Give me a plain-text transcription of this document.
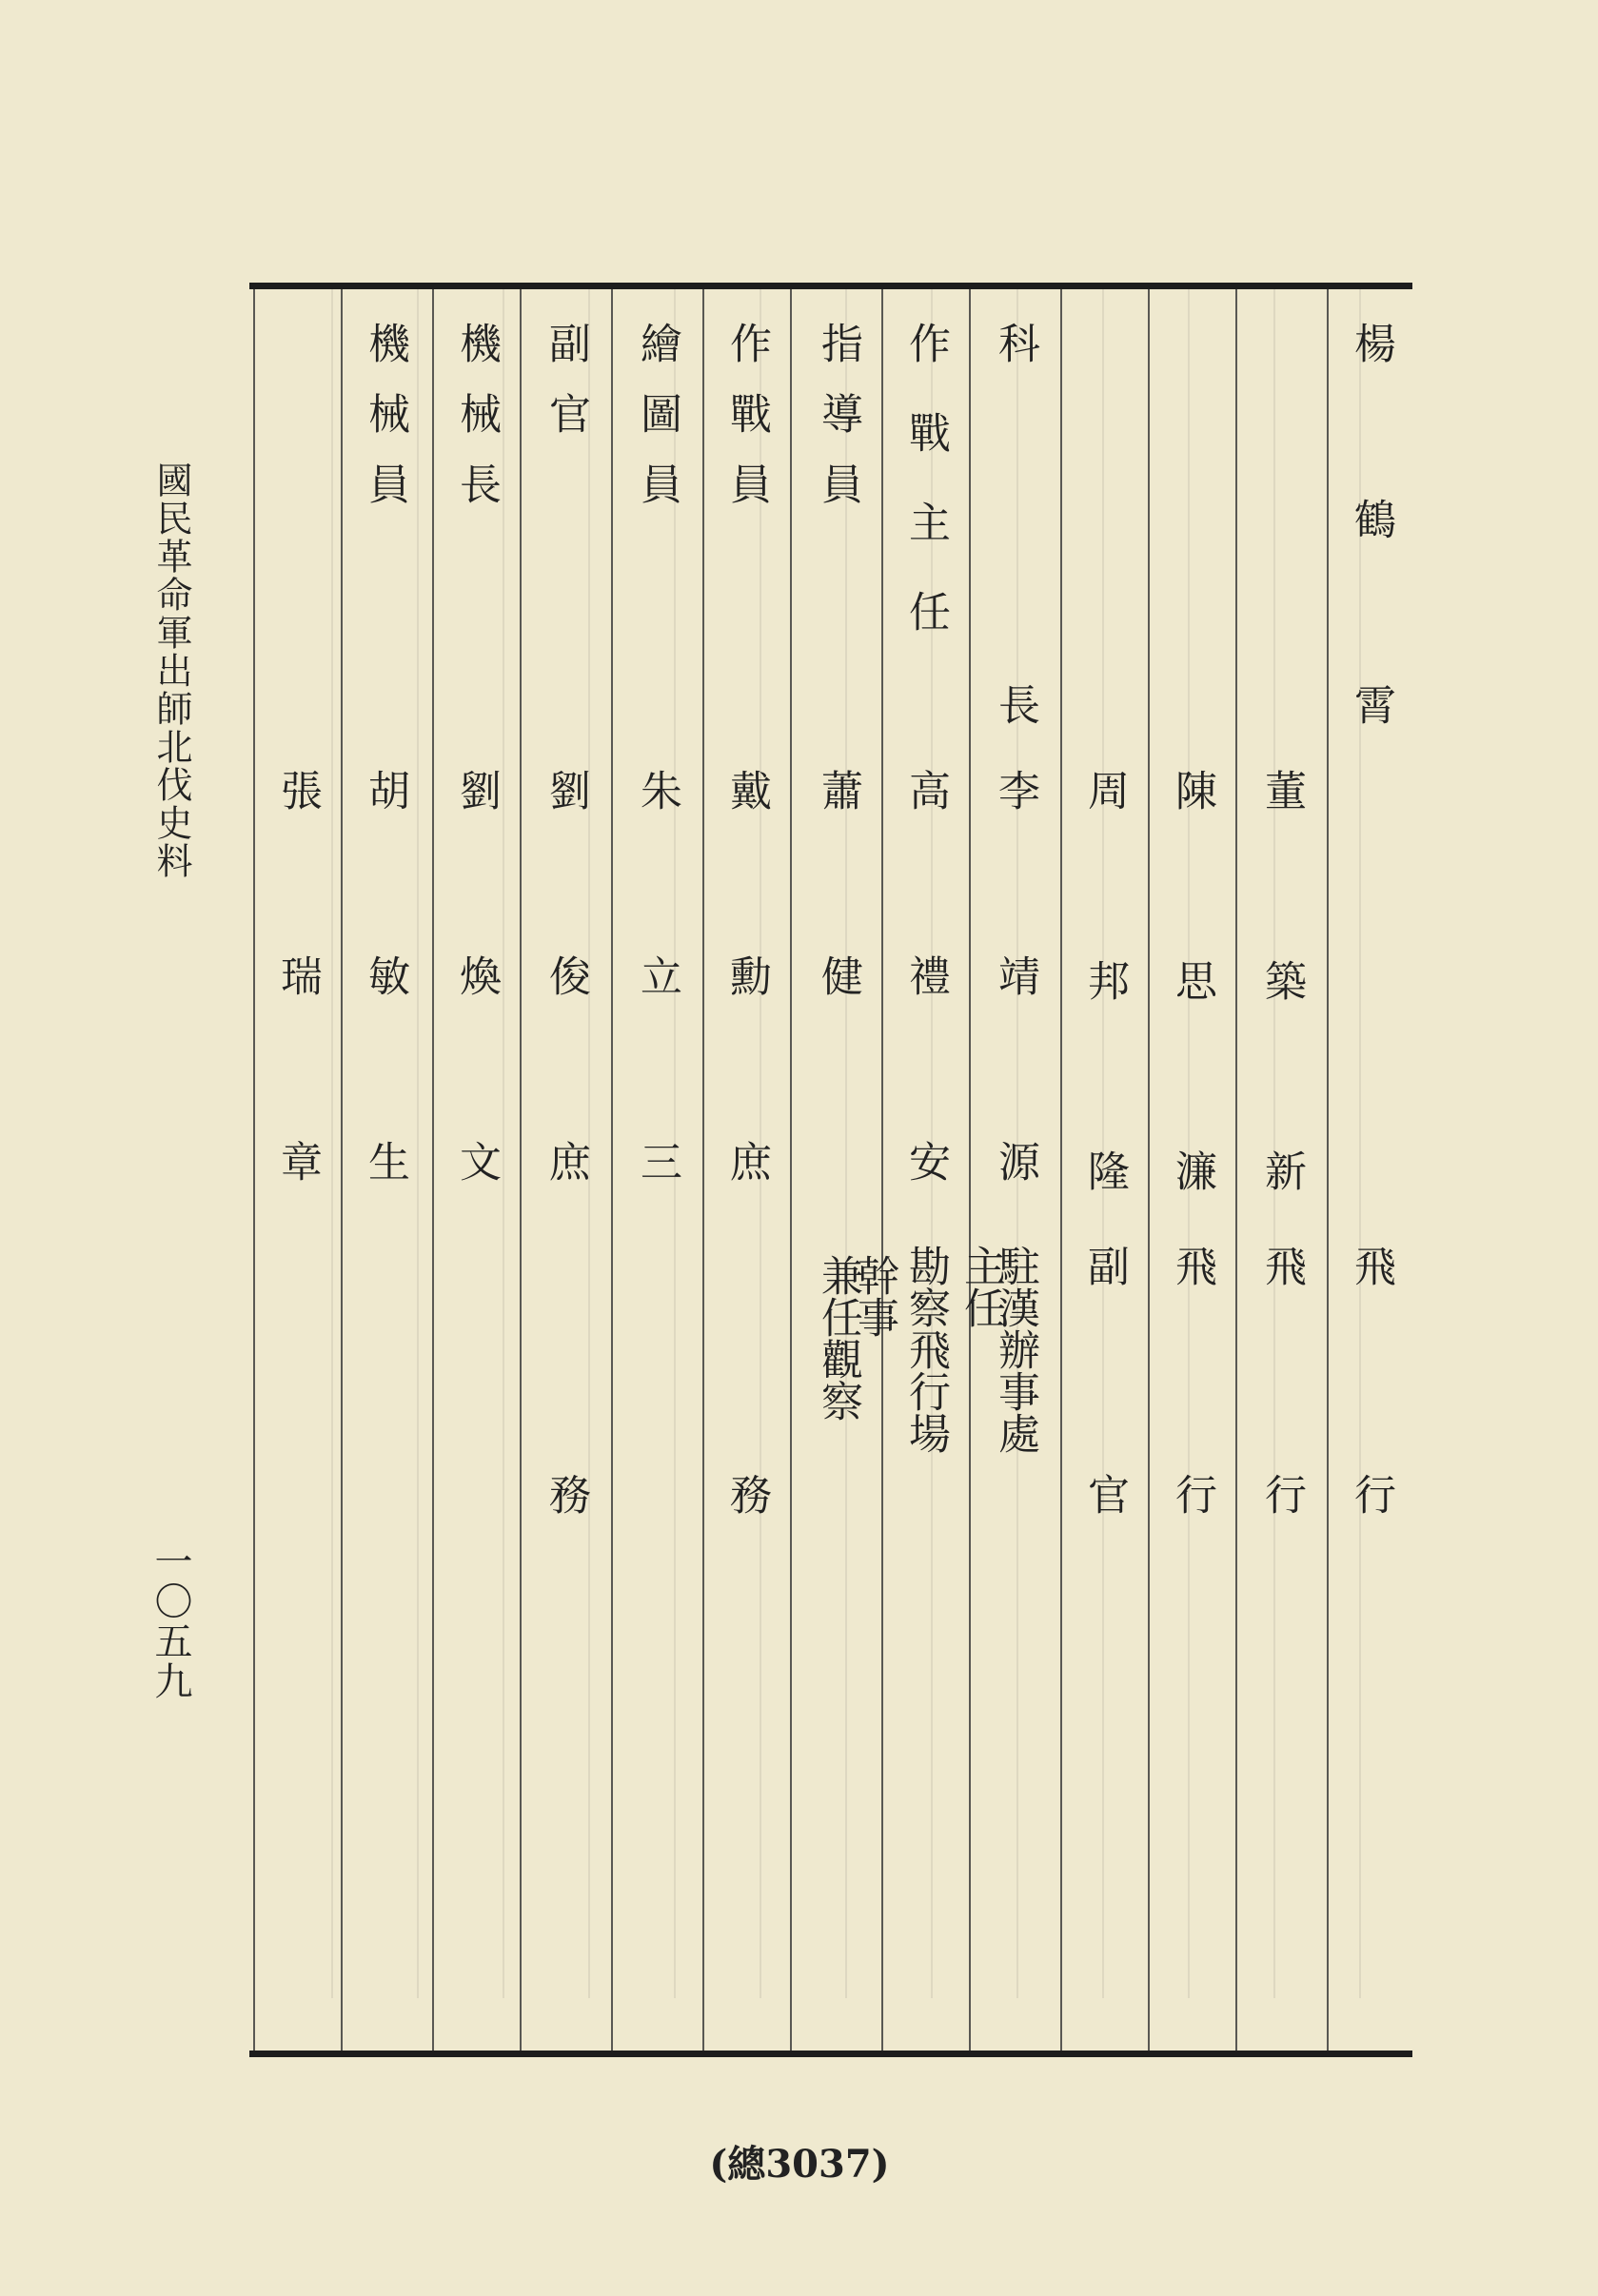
楊
鶴
霄
飛
行
董
築
新
飛
行
陳
思
濂
飛
行
周
邦
隆
副
官
科
長
李 靖 源
駐漢辦事處
主任
作戰主任
高 禮 安
勘察飛行場
幹事
指導員
蕭 健
兼任觀察
作戰員
戴 勳 庶
務
繪圖員
朱 立 三
副官
劉 俊 庶
務
機械長
劉 煥 文
機械員
胡 敏 生
張 瑞 章
國民革命軍出師北伐史料
一〇五九
(總3037)
